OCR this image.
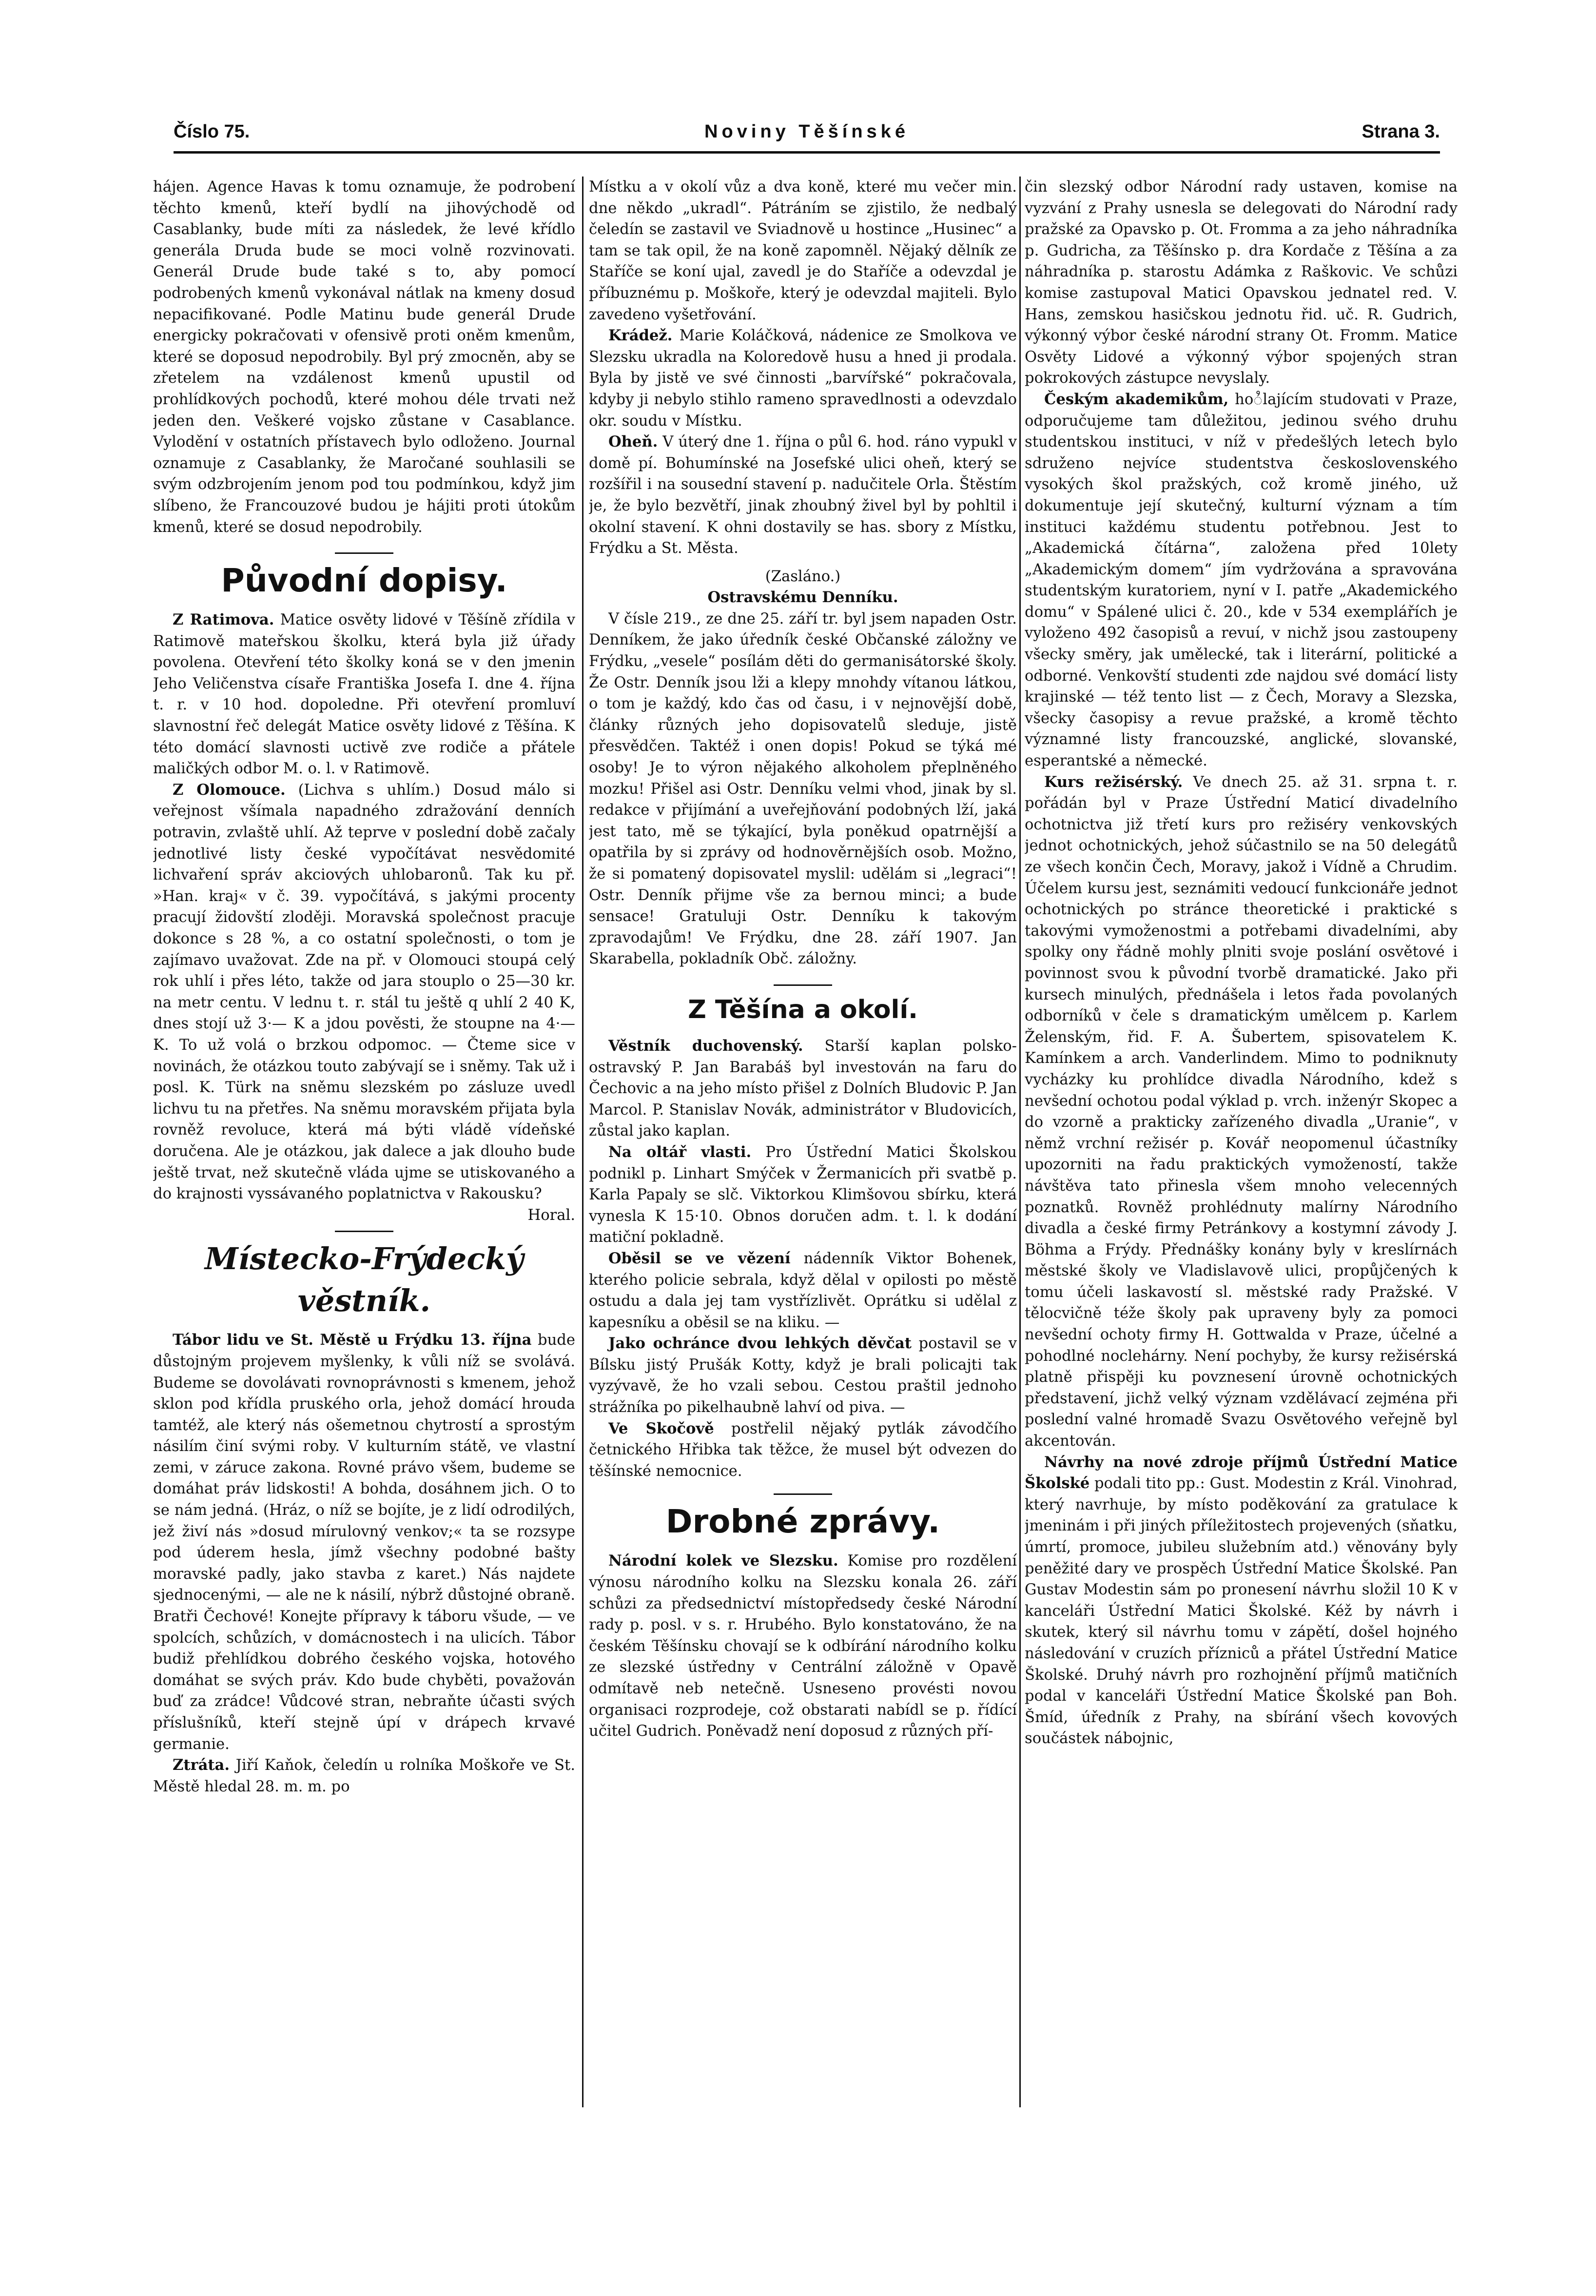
Noviny Těšínské
Číslo 75.	Strana 3.

hájen. Agence Havas k tomu oznamuje, že podrobení těchto kmenů, kteří bydlí na jihovýchodě od Casablanky, bude míti za následek, že levé křídlo generála Druda bude se moci volně rozvinovati. Generál Drude bude také s to, aby pomocí podrobených kmenů vykonával nátlak na kmeny dosud nepacifikované. Podle Matinu bude generál Drude energicky pokračovati v ofensivě proti oněm kmenům, které se doposud nepodrobily. Byl prý zmocněn, aby se zřetelem na vzdálenost kmenů upustil od prohlídkových pochodů, které mohou déle trvati než jeden den. Veškeré vojsko zůstane v Casablance. Vylodění v ostatních přístavech bylo odloženo. Journal oznamuje z Casablanky, že Maročané souhlasili se svým odzbrojením jenom pod tou podmínkou, když jim slíbeno, že Francouzové budou je hájiti proti útokům kmenů, které se dosud nepodrobily.

Původní dopisy.

Z Ratimova. Matice osvěty lidové v Těšíně zřídila v Ratimově mateřskou školku, která byla již úřady povolena. Otevření této školky koná se v den jmenin Jeho Veličenstva císaře Františka Josefa I. dne 4. října t. r. v 10 hod. dopoledne. Při otevření promluví slavnostní řeč delegát Matice osvěty lidové z Těšína. K této domácí slavnosti uctivě zve rodiče a přátele maličkých odbor M. o. l. v Ratimově.

Z Olomouce. (Lichva s uhlím.) Dosud málo si veřejnost všímala napadného zdražování denních potravin, zvlaště uhlí. Až teprve v poslední době začaly jednotlivé listy české vypočítávat nesvědomité lichvaření správ akciových uhlobaronů. Tak ku př. »Han. kraj« v č. 39. vypočítává, s jakými procenty pracují židovští zloději. Moravská společnost pracuje dokonce s 28 %, a co ostatní společnosti, o tom je zajímavo uvažovat. Zde na př. v Olomouci stoupá celý rok uhlí i přes léto, takže od jara stouplo o 25—30 kr. na metr centu. V lednu t. r. stál tu ještě q uhlí 2 40 K, dnes stojí už 3·— K a jdou pověsti, že stoupne na 4·— K. To už volá o brzkou odpomoc. — Čteme sice v novinách, že otázkou touto zabývají se i sněmy. Tak už i posl. K. Türk na sněmu slezském po zásluze uvedl lichvu tu na přetřes. Na sněmu moravském přijata byla rovněž revoluce, která má býti vládě vídeňské doručena. Ale je otázkou, jak dalece a jak dlouho bude ještě trvat, než skutečně vláda ujme se utiskovaného a do krajnosti vyssávaného poplatnictva v Rakousku?

Horal.

Místecko-Frýdecký věstník.

Tábor lidu ve St. Městě u Frýdku 13. října bude důstojným projevem myšlenky, k vůli níž se svolává. Budeme se dovolávati rovnoprávnosti s kmenem, jehož sklon pod křídla pruského orla, jehož domácí hrouda tamtéž, ale který nás ošemetnou chytrostí a sprostým násilím činí svými roby. V kulturním státě, ve vlastní zemi, v záruce zakona. Rovné právo všem, budeme se domáhat práv lidskosti! A bohda, dosáhnem jich. O to se nám jedná. (Hráz, o níž se bojíte, je z lidí odrodilých, jež živí nás »dosud mírulovný venkov;« ta se rozsype pod úderem hesla, jímž všechny podobné bašty moravské padly, jako stavba z karet.) Nás najdete sjednocenými, — ale ne k násilí, nýbrž důstojné obraně. Bratři Čechové! Konejte přípravy k táboru všude, — ve spolcích, schůzích, v domácnostech i na ulicích. Tábor budiž přehlídkou dobrého českého vojska, hotového domáhat se svých práv. Kdo bude chyběti, považován buď za zrádce! Vůdcové stran, nebraňte účasti svých příslušníků, kteří stejně úpí v drápech krvavé germanie.

Ztráta. Jiří Kaňok, čeledín u rolníka Moškoře ve St. Městě hledal 28. m. m. po

Místku a v okolí vůz a dva koně, které mu večer min. dne někdo „ukradl“. Pátráním se zjistilo, že nedbalý čeledín se zastavil ve Sviadnově u hostince „Husinec“ a tam se tak opil, že na koně zapomněl. Nějaký dělník ze Staříče se koní ujal, zavedl je do Staříče a odevzdal je příbuznému p. Moškoře, který je odevzdal majiteli. Bylo zavedeno vyšetřování.

Krádež. Marie Koláčková, nádenice ze Smolkova ve Slezsku ukradla na Koloredově husu a hned ji prodala. Byla by jistě ve své činnosti „barvířské“ pokračovala, kdyby ji nebylo stihlo rameno spravedlnosti a odevzdalo okr. soudu v Místku.

Oheň. V úterý dne 1. října o půl 6. hod. ráno vypukl v domě pí. Bohumínské na Josefské ulici oheň, který se rozšířil i na sousední stavení p. nadučitele Orla. Štěstím je, že bylo bezvětří, jinak zhoubný živel byl by pohltil i okolní stavení. K ohni dostavily se has. sbory z Místku, Frýdku a St. Města.

(Zasláno.)

Ostravskému Denníku.

V čísle 219., ze dne 25. září tr. byl jsem napaden Ostr. Denníkem, že jako úředník české Občanské záložny ve Frýdku, „vesele“ posílám děti do germanisátorské školy. Že Ostr. Denník jsou lži a klepy mnohdy vítanou látkou, o tom je každý, kdo čas od času, i v nejnovější době, články různých jeho dopisovatelů sleduje, jistě přesvědčen. Taktéž i onen dopis! Pokud se týká mé osoby! Je to výron nějakého alkoholem přeplněného mozku! Přišel asi Ostr. Denníku velmi vhod, jinak by sl. redakce v přijímání a uveřejňování podobných lží, jaká jest tato, mě se týkající, byla poněkud opatrnější a opatřila by si zprávy od hodnověrnějších osob. Možno, že si pomatený dopisovatel myslil: udělám si „legraci“! Ostr. Denník přijme vše za bernou minci; a bude sensace! Gratuluji Ostr. Denníku k takovým zpravodajům! Ve Frýdku, dne 28. září 1907. Jan Skarabella, pokladník Obč. záložny.

Z Těšína a okolí.

Věstník duchovenský. Starší kaplan polsko-ostravský P. Jan Barabáš byl investován na faru do Čechovic a na jeho místo přišel z Dolních Bludovic P. Jan Marcol. P. Stanislav Novák, administrátor v Bludovicích, zůstal jako kaplan.

Na oltář vlasti. Pro Ústřední Matici Školskou podnikl p. Linhart Smýček v Žermanicích při svatbě p. Karla Papaly se slč. Viktorkou Klimšovou sbírku, která vynesla K 15·10. Obnos doručen adm. t. l. k dodání matiční pokladně.

Oběsil se ve vězení nádenník Viktor Bohenek, kterého policie sebrala, když dělal v opilosti po městě ostudu a dala jej tam vystřízlivět. Oprátku si udělal z kapesníku a oběsil se na kliku. —

Jako ochránce dvou lehkých děvčat postavil se v Bílsku jistý Prušák Kotty, když je brali policajti tak vyzývavě, že ho vzali sebou. Cestou praštil jednoho strážníka po pikelhaubně lahví od piva. —

Ve Skočově postřelil nějaký pytlák závodčího četnického Hřibka tak těžce, že musel být odvezen do těšínské nemocnice.

Drobné zprávy.

Národní kolek ve Slezsku. Komise pro rozdělení výnosu národního kolku na Slezsku konala 26. září schůzi za předsednictví místopředsedy české Národní rady p. posl. v s. r. Hrubého. Bylo konstatováno, že na českém Těšínsku chovají se k odbírání národního kolku ze slezské ústředny v Centrální záložně v Opavě odmítavě neb netečně. Usneseno provésti novou organisaci rozprodeje, což obstarati nabídl se p. řídící učitel Gudrich. Poněvadž není doposud z různých pří-

čin slezský odbor Národní rady ustaven, komise na vyzvání z Prahy usnesla se delegovati do Národní rady pražské za Opavsko p. Ot. Fromma a za jeho náhradníka p. Gudricha, za Těšínsko p. dra Kordače z Těšína a za náhradníka p. starostu Adámka z Raškovic. Ve schůzi komise zastupoval Matici Opavskou jednatel red. V. Hans, zemskou hasičskou jednotu řid. uč. R. Gudrich, výkonný výbor české národní strany Ot. Fromm. Matice Osvěty Lidové a výkonný výbor spojených stran pokrokových zástupce nevyslaly.

Českým akademikům, hoႆlajícím studovati v Praze, odporučujeme tam důležitou, jedinou svého druhu studentskou instituci, v níž v předešlých letech bylo sdruženo nejvíce studentstva československého vysokých škol pražských, což kromě jiného, už dokumentuje její skutečný, kulturní význam a tím instituci každému studentu potřebnou. Jest to „Akademická čítárna“, založena před 10lety „Akademickým domem“ jím vydržována a spravována studentským kuratoriem, nyní v I. patře „Akademického domu“ v Spálené ulici č. 20., kde v 534 exemplářích je vyloženo 492 časopisů a revuí, v nichž jsou zastoupeny všecky směry, jak umělecké, tak i literární, politické a odborné. Venkovští studenti zde najdou své domácí listy krajinské — též tento list — z Čech, Moravy a Slezska, všecky časopisy a revue pražské, a kromě těchto významné listy francouzské, anglické, slovanské, esperantské a německé.

Kurs režisérský. Ve dnech 25. až 31. srpna t. r. pořádán byl v Praze Ústřední Maticí divadelního ochotnictva již třetí kurs pro režiséry venkovských jednot ochotnických, jehož súčastnilo se na 50 delegátů ze všech končin Čech, Moravy, jakož i Vídně a Chrudim. Účelem kursu jest, seznámiti vedoucí funkcionáře jednot ochotnických po stránce theoretické i praktické s takovými vymoženostmi a potřebami divadelními, aby spolky ony řádně mohly plniti svoje poslání osvětové i povinnost svou k původní tvorbě dramatické. Jako při kursech minulých, přednášela i letos řada povolaných odborníků v čele s dramatickým umělcem p. Karlem Želenským, řid. F. A. Šubertem, spisovatelem K. Kamínkem a arch. Vanderlindem. Mimo to podniknuty vycházky ku prohlídce divadla Národního, kdež s nevšední ochotou podal výklad p. vrch. inženýr Skopec a do vzorně a prakticky zařízeného divadla „Uranie“, v němž vrchní režisér p. Kovář neopomenul účastníky upozorniti na řadu praktických vymožeností, takže návštěva tato přinesla všem mnoho velecenných poznatků. Rovněž prohlédnuty malírny Národního divadla a české firmy Petránkovy a kostymní závody J. Böhma a Frýdy. Přednášky konány byly v kreslírnách městské školy ve Vladislavově ulici, propůjčených k tomu účeli laskavostí sl. městské rady Pražské. V tělocvičně téže školy pak upraveny byly za pomoci nevšední ochoty firmy H. Gottwalda v Praze, účelné a pohodlné noclehárny. Není pochyby, že kursy režisérská platně přispěji ku povznesení úrovně ochotnických představení, jichž velký význam vzdělávací zejména při poslední valné hromadě Svazu Osvětového veřejně byl akcentován.

Návrhy na nové zdroje příjmů Ústřední Matice Školské podali tito pp.: Gust. Modestin z Král. Vinohrad, který navrhuje, by místo poděkování za gratulace k jmeninám i při jiných příležitostech projevených (sňatku, úmrtí, promoce, jubileu služebním atd.) věnovány byly peněžité dary ve prospěch Ústřední Matice Školské. Pan Gustav Modestin sám po pronesení návrhu složil 10 K v kanceláři Ústřední Matici Školské. Kéž by návrh i skutek, který sil návrhu tomu v zápětí, došel hojného následování v cruzích přízniců a přátel Ústřední Matice Školské. Druhý návrh pro rozhojnění příjmů matičních podal v kanceláři Ústřední Matice Školské pan Boh. Šmíd, úředník z Prahy, na sbírání všech kovových součástek nábojnic,
